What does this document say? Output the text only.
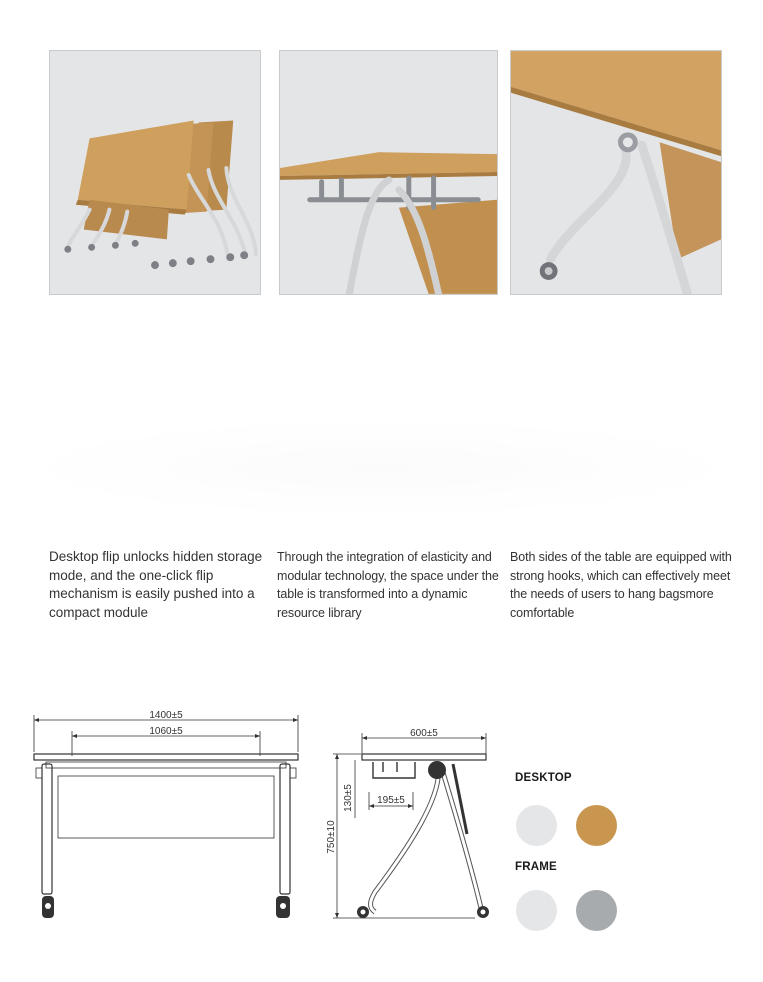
Desktop flip unlocks hidden storage mode, and the one-click flip mechanism is easily pushed into a compact module

Through the integration of elasticity and modular technology, the space under the table is transformed into a dynamic resource library

Both sides of the table are equipped with strong hooks, which can effectively meet the needs of users to hang bagsmore comfortable

1400±5
1060±5	600±5
195±5
130±5
750±10
DESKTOP
FRAME
